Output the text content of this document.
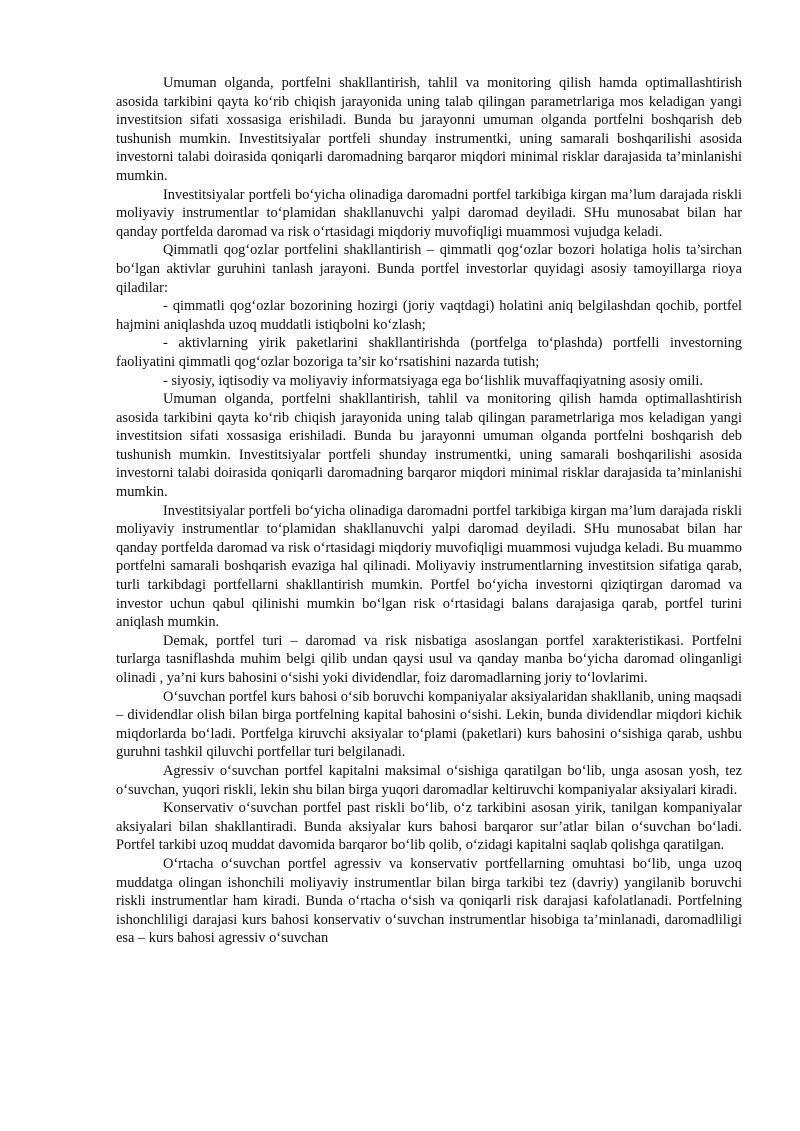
Umuman olganda, portfelni shakllantirish, tahlil va monitoring qilish hamda optimallashtirish asosida tarkibini qayta ko‘rib chiqish jarayonida uning talab qilingan parametrlariga mos keladigan yangi investitsion sifati xossasiga erishiladi. Bunda bu jarayonni umuman olganda portfelni boshqarish deb tushunish mumkin. Investitsiyalar portfeli shunday instrumentki, uning samarali boshqarilishi asosida investorni talabi doirasida qoniqarli daromadning barqaror miqdori minimal risklar darajasida ta’minlanishi mumkin.

Investitsiyalar portfeli bo‘yicha olinadiga daromadni portfel tarkibiga kirgan ma’lum darajada riskli moliyaviy instrumentlar to‘plamidan shakllanuvchi yalpi daromad deyiladi. SHu munosabat bilan har qanday portfelda daromad va risk o‘rtasidagi miqdoriy muvofiqligi muammosi vujudga keladi.

Qimmatli qog‘ozlar portfelini shakllantirish – qimmatli qog‘ozlar bozori holatiga holis ta’sirchan bo‘lgan aktivlar guruhini tanlash jarayoni. Bunda portfel investorlar quyidagi asosiy tamoyillarga rioya qiladilar:

- qimmatli qog‘ozlar bozorining hozirgi (joriy vaqtdagi) holatini aniq belgilashdan qochib, portfel hajmini aniqlashda uzoq muddatli istiqbolni ko‘zlash;

- aktivlarning yirik paketlarini shakllantirishda (portfelga to‘plashda) portfelli investorning faoliyatini qimmatli qog‘ozlar bozoriga ta’sir ko‘rsatishini nazarda tutish;

- siyosiy, iqtisodiy va moliyaviy informatsiyaga ega bo‘lishlik muvaffaqiyatning asosiy omili.

Umuman olganda, portfelni shakllantirish, tahlil va monitoring qilish hamda optimallashtirish asosida tarkibini qayta ko‘rib chiqish jarayonida uning talab qilingan parametrlariga mos keladigan yangi investitsion sifati xossasiga erishiladi. Bunda bu jarayonni umuman olganda portfelni boshqarish deb tushunish mumkin. Investitsiyalar portfeli shunday instrumentki, uning samarali boshqarilishi asosida investorni talabi doirasida qoniqarli daromadning barqaror miqdori minimal risklar darajasida ta’minlanishi mumkin.

Investitsiyalar portfeli bo‘yicha olinadiga daromadni portfel tarkibiga kirgan ma’lum darajada riskli moliyaviy instrumentlar to‘plamidan shakllanuvchi yalpi daromad deyiladi. SHu munosabat bilan har qanday portfelda daromad va risk o‘rtasidagi miqdoriy muvofiqligi muammosi vujudga keladi. Bu muammo portfelni samarali boshqarish evaziga hal qilinadi. Moliyaviy instrumentlarning investitsion sifatiga qarab, turli tarkibdagi portfellarni shakllantirish mumkin. Portfel bo‘yicha investorni qiziqtirgan daromad va investor uchun qabul qilinishi mumkin bo‘lgan risk o‘rtasidagi balans darajasiga qarab, portfel turini aniqlash mumkin.

Demak, portfel turi – daromad va risk nisbatiga asoslangan portfel xarakteristikasi. Portfelni turlarga tasniflashda muhim belgi qilib undan qaysi usul va qanday manba bo‘yicha daromad olinganligi olinadi , ya’ni kurs bahosini o‘sishi yoki dividendlar, foiz daromadlarning joriy to‘lovlarimi.

O‘suvchan portfel kurs bahosi o‘sib boruvchi kompaniyalar aksiyalaridan shakllanib, uning maqsadi – dividendlar olish bilan birga portfelning kapital bahosini o‘sishi. Lekin, bunda dividendlar miqdori kichik miqdorlarda bo‘ladi. Portfelga kiruvchi aksiyalar to‘plami (paketlari) kurs bahosini o‘sishiga qarab, ushbu guruhni tashkil qiluvchi portfellar turi belgilanadi.

Agressiv o‘suvchan portfel kapitalni maksimal o‘sishiga qaratilgan bo‘lib, unga asosan yosh, tez o‘suvchan, yuqori riskli, lekin shu bilan birga yuqori daromadlar keltiruvchi kompaniyalar aksiyalari kiradi.

Konservativ o‘suvchan portfel past riskli bo‘lib, o‘z tarkibini asosan yirik, tanilgan kompaniyalar aksiyalari bilan shakllantiradi. Bunda aksiyalar kurs bahosi barqaror sur’atlar bilan o‘suvchan bo‘ladi. Portfel tarkibi uzoq muddat davomida barqaror bo‘lib qolib, o‘zidagi kapitalni saqlab qolishga qaratilgan.

O‘rtacha o‘suvchan portfel agressiv va konservativ portfellarning omuhtasi bo‘lib, unga uzoq muddatga olingan ishonchili moliyaviy instrumentlar bilan birga tarkibi tez (davriy) yangilanib boruvchi riskli instrumentlar ham kiradi. Bunda o‘rtacha o‘sish va qoniqarli risk darajasi kafolatlanadi. Portfelning ishonchliligi darajasi kurs bahosi konservativ o‘suvchan instrumentlar hisobiga ta’minlanadi, daromadliligi esa – kurs bahosi agressiv o‘suvchan
